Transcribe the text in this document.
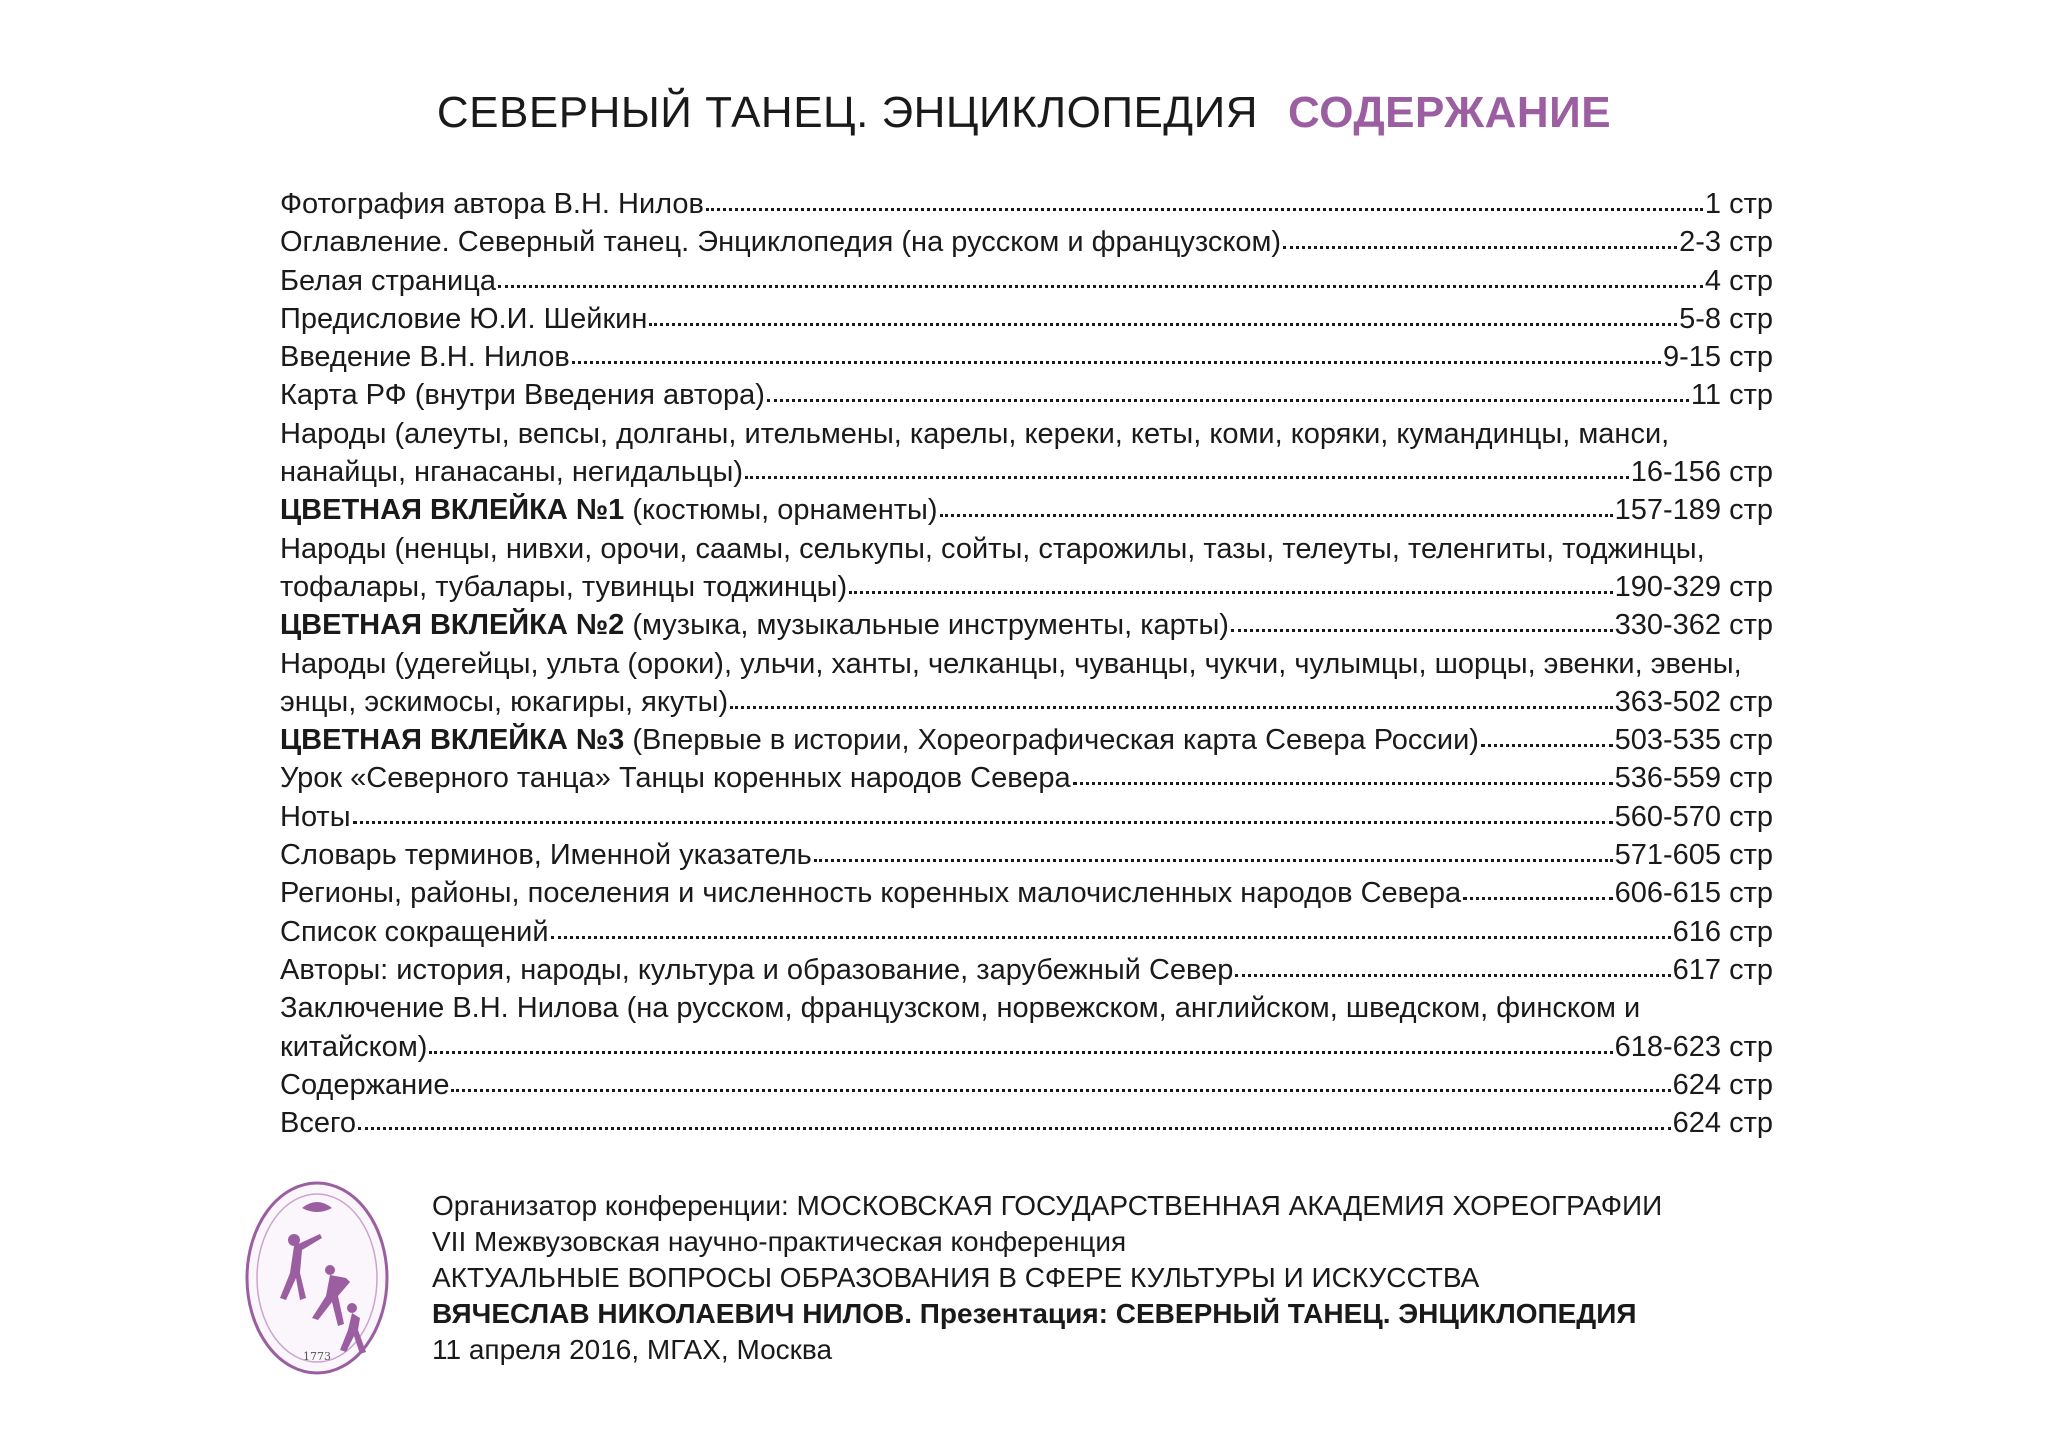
СЕВЕРНЫЙ ТАНЕЦ. ЭНЦИКЛОПЕДИЯ СОДЕРЖАНИЕ
Фотография автора В.Н. Нилов	1 стр
Оглавление. Северный танец. Энциклопедия (на русском и французском)	2-3 стр
Белая страница	4 стр
Предисловие Ю.И. Шейкин	5-8 стр
Введение В.Н. Нилов	9-15 стр
Карта РФ (внутри Введения автора)	11 стр
Народы (алеуты, вепсы, долганы, ительмены, карелы, кереки, кеты, коми, коряки, кумандинцы, манси,
нанайцы, нганасаны, негидальцы)	16-156 стр
ЦВЕТНАЯ ВКЛЕЙКА №1 (костюмы, орнаменты)	157-189 стр
Народы (ненцы, нивхи, орочи, саамы, селькупы, сойты, старожилы, тазы, телеуты, теленгиты, тоджинцы,
тофалары, тубалары, тувинцы тоджинцы)	190-329 стр
ЦВЕТНАЯ ВКЛЕЙКА №2 (музыка, музыкальные инструменты, карты)	330-362 стр
Народы (удегейцы, ульта (ороки), ульчи, ханты, челканцы, чуванцы, чукчи, чулымцы, шорцы, эвенки, эвены,
энцы, эскимосы, юкагиры, якуты)	363-502 стр
ЦВЕТНАЯ ВКЛЕЙКА №3 (Впервые в истории, Хореографическая карта Севера России)	503-535 стр
Урок «Северного танца» Танцы коренных народов Севера	536-559 стр
Ноты	560-570 стр
Словарь терминов, Именной указатель	571-605 стр
Регионы, районы, поселения и численность коренных малочисленных народов Севера	606-615 стр
Список сокращений	616 стр
Авторы: история, народы, культура и образование, зарубежный Север	617 стр
Заключение В.Н. Нилова (на русском, французском, норвежском, английском, шведском, финском и
китайском)	618-623 стр
Содержание	624 стр
Всего	624 стр
1773
Организатор конференции: МОСКОВСКАЯ ГОСУДАРСТВЕННАЯ АКАДЕМИЯ ХОРЕОГРАФИИ
VII Межвузовская научно-практическая конференция
АКТУАЛЬНЫЕ ВОПРОСЫ ОБРАЗОВАНИЯ В СФЕРЕ КУЛЬТУРЫ И ИСКУССТВА
ВЯЧЕСЛАВ НИКОЛАЕВИЧ НИЛОВ. Презентация: СЕВЕРНЫЙ ТАНЕЦ. ЭНЦИКЛОПЕДИЯ
11 апреля 2016, МГАХ, Москва
